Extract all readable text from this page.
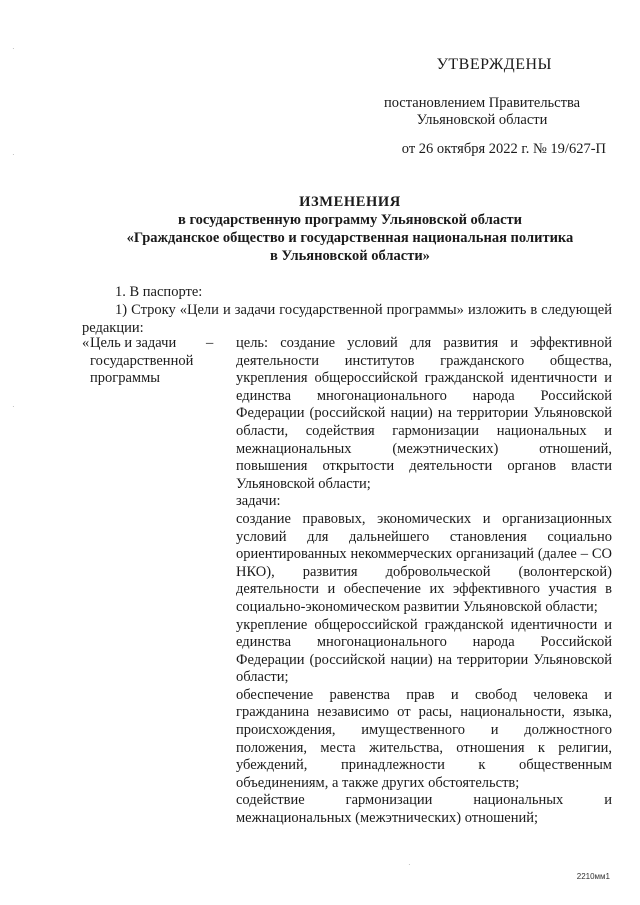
УТВЕРЖДЕНЫ
постановлением Правительства
Ульяновской области
от 26 октября 2022 г. № 19/627-П
ИЗМЕНЕНИЯ
в государственную программу Ульяновской области
«Гражданское общество и государственная национальная политика
в Ульяновской области»
1. В паспорте:
1) Строку «Цели и задачи государственной программы» изложить в следующей редакции:
« Цель и задачи
государственной
программы
– цель: создание условий для развития и эффективной деятельности институтов гражданского общества, укрепления общероссийской гражданской идентичности и единства многонационального народа Российской Федерации (российской нации) на территории Ульяновской области, содействия гармонизации национальных и межнациональных (межэтнических) отношений, повышения открытости деятельности органов власти Ульяновской области;

задачи:

создание правовых, экономических и организационных условий для дальнейшего становления социально ориентированных некоммерческих организаций (далее – СО НКО), развития добровольческой (волонтерской) деятельности и обеспечение их эффективного участия в социально-экономическом развитии Ульяновской области;

укрепление общероссийской гражданской идентичности и единства многонационального народа Российской Федерации (российской нации) на территории Ульяновской области;

обеспечение равенства прав и свобод человека и гражданина независимо от расы, национальности, языка, происхождения, имущественного и должностного положения, места жительства, отношения к религии, убеждений, принадлежности к общественным объединениям, а также других обстоятельств;

содействие гармонизации национальных и межнациональных (межэтнических) отношений;

2210мм1
·
·
·
·
